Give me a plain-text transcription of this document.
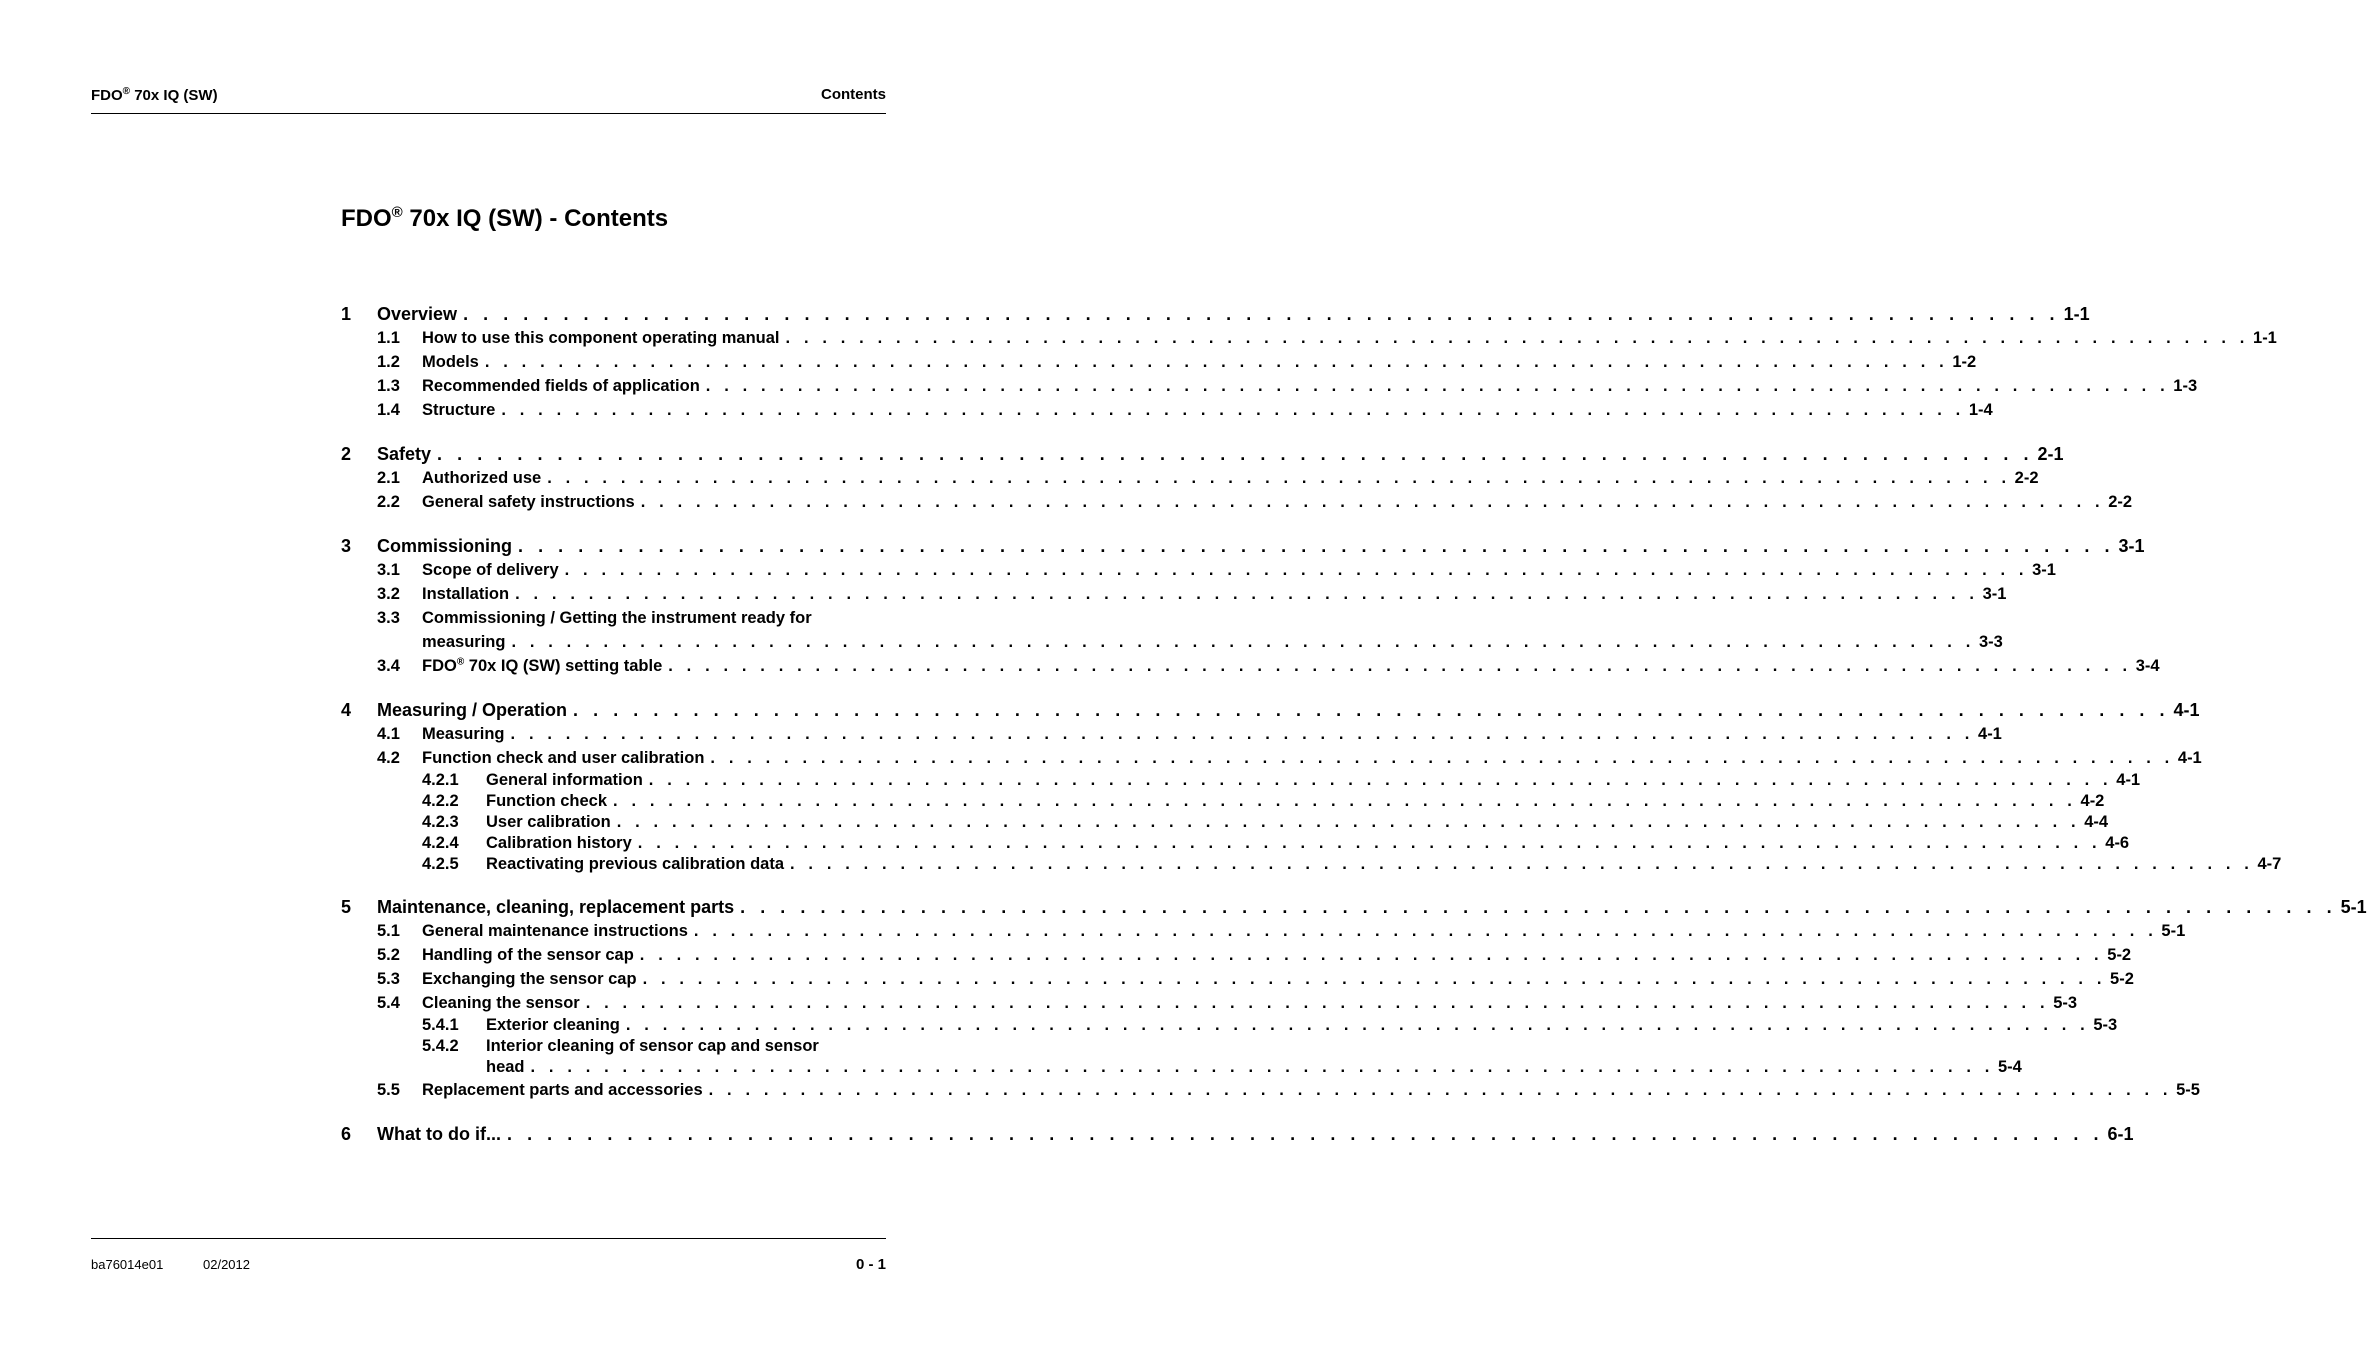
FDO® 70x IQ (SW)	Contents
FDO® 70x IQ (SW) - Contents
1 Overview . . . . . . . . . . . . . . . . . . . . . . . . . . . . . . . . . . . . . . . . . . . . . . . . . . . . . . . . . . . . . . . . . . . . . . . . . . . . . . . . 1-1
1.1 How to use this component operating manual . . . . . . . . . . . . . . . . . . . . . . . . . . . . . . . . . . . . . . . . . . . . . . . . . . . . . . . . . . . . . . . . . . . . . . . . . . . . . . . . 1-1
1.2 Models . . . . . . . . . . . . . . . . . . . . . . . . . . . . . . . . . . . . . . . . . . . . . . . . . . . . . . . . . . . . . . . . . . . . . . . . . . . . . . . . 1-2
1.3 Recommended fields of application . . . . . . . . . . . . . . . . . . . . . . . . . . . . . . . . . . . . . . . . . . . . . . . . . . . . . . . . . . . . . . . . . . . . . . . . . . . . . . . . 1-3
1.4 Structure . . . . . . . . . . . . . . . . . . . . . . . . . . . . . . . . . . . . . . . . . . . . . . . . . . . . . . . . . . . . . . . . . . . . . . . . . . . . . . . . 1-4
2 Safety . . . . . . . . . . . . . . . . . . . . . . . . . . . . . . . . . . . . . . . . . . . . . . . . . . . . . . . . . . . . . . . . . . . . . . . . . . . . . . . . 2-1
2.1 Authorized use . . . . . . . . . . . . . . . . . . . . . . . . . . . . . . . . . . . . . . . . . . . . . . . . . . . . . . . . . . . . . . . . . . . . . . . . . . . . . . . . 2-2
2.2 General safety instructions . . . . . . . . . . . . . . . . . . . . . . . . . . . . . . . . . . . . . . . . . . . . . . . . . . . . . . . . . . . . . . . . . . . . . . . . . . . . . . . . 2-2
3 Commissioning . . . . . . . . . . . . . . . . . . . . . . . . . . . . . . . . . . . . . . . . . . . . . . . . . . . . . . . . . . . . . . . . . . . . . . . . . . . . . . . . 3-1
3.1 Scope of delivery . . . . . . . . . . . . . . . . . . . . . . . . . . . . . . . . . . . . . . . . . . . . . . . . . . . . . . . . . . . . . . . . . . . . . . . . . . . . . . . . 3-1
3.2 Installation . . . . . . . . . . . . . . . . . . . . . . . . . . . . . . . . . . . . . . . . . . . . . . . . . . . . . . . . . . . . . . . . . . . . . . . . . . . . . . . . 3-1
3.3	Commissioning / Getting the instrument ready for
measuring . . . . . . . . . . . . . . . . . . . . . . . . . . . . . . . . . . . . . . . . . . . . . . . . . . . . . . . . . . . . . . . . . . . . . . . . . . . . . . . . 3-3
3.4 FDO® 70x IQ (SW) setting table . . . . . . . . . . . . . . . . . . . . . . . . . . . . . . . . . . . . . . . . . . . . . . . . . . . . . . . . . . . . . . . . . . . . . . . . . . . . . . . . 3-4
4 Measuring / Operation . . . . . . . . . . . . . . . . . . . . . . . . . . . . . . . . . . . . . . . . . . . . . . . . . . . . . . . . . . . . . . . . . . . . . . . . . . . . . . . . 4-1
4.1 Measuring . . . . . . . . . . . . . . . . . . . . . . . . . . . . . . . . . . . . . . . . . . . . . . . . . . . . . . . . . . . . . . . . . . . . . . . . . . . . . . . . 4-1
4.2 Function check and user calibration . . . . . . . . . . . . . . . . . . . . . . . . . . . . . . . . . . . . . . . . . . . . . . . . . . . . . . . . . . . . . . . . . . . . . . . . . . . . . . . . 4-1
4.2.1 General information . . . . . . . . . . . . . . . . . . . . . . . . . . . . . . . . . . . . . . . . . . . . . . . . . . . . . . . . . . . . . . . . . . . . . . . . . . . . . . . . 4-1
4.2.2 Function check . . . . . . . . . . . . . . . . . . . . . . . . . . . . . . . . . . . . . . . . . . . . . . . . . . . . . . . . . . . . . . . . . . . . . . . . . . . . . . . . 4-2
4.2.3 User calibration . . . . . . . . . . . . . . . . . . . . . . . . . . . . . . . . . . . . . . . . . . . . . . . . . . . . . . . . . . . . . . . . . . . . . . . . . . . . . . . . 4-4
4.2.4 Calibration history . . . . . . . . . . . . . . . . . . . . . . . . . . . . . . . . . . . . . . . . . . . . . . . . . . . . . . . . . . . . . . . . . . . . . . . . . . . . . . . . 4-6
4.2.5 Reactivating previous calibration data . . . . . . . . . . . . . . . . . . . . . . . . . . . . . . . . . . . . . . . . . . . . . . . . . . . . . . . . . . . . . . . . . . . . . . . . . . . . . . . . 4-7
5 Maintenance, cleaning, replacement parts . . . . . . . . . . . . . . . . . . . . . . . . . . . . . . . . . . . . . . . . . . . . . . . . . . . . . . . . . . . . . . . . . . . . . . . . . . . . . . . . 5-1
5.1 General maintenance instructions . . . . . . . . . . . . . . . . . . . . . . . . . . . . . . . . . . . . . . . . . . . . . . . . . . . . . . . . . . . . . . . . . . . . . . . . . . . . . . . . 5-1
5.2 Handling of the sensor cap . . . . . . . . . . . . . . . . . . . . . . . . . . . . . . . . . . . . . . . . . . . . . . . . . . . . . . . . . . . . . . . . . . . . . . . . . . . . . . . . 5-2
5.3 Exchanging the sensor cap . . . . . . . . . . . . . . . . . . . . . . . . . . . . . . . . . . . . . . . . . . . . . . . . . . . . . . . . . . . . . . . . . . . . . . . . . . . . . . . . 5-2
5.4 Cleaning the sensor . . . . . . . . . . . . . . . . . . . . . . . . . . . . . . . . . . . . . . . . . . . . . . . . . . . . . . . . . . . . . . . . . . . . . . . . . . . . . . . . 5-3
5.4.1 Exterior cleaning . . . . . . . . . . . . . . . . . . . . . . . . . . . . . . . . . . . . . . . . . . . . . . . . . . . . . . . . . . . . . . . . . . . . . . . . . . . . . . . . 5-3
5.4.2	Interior cleaning of sensor cap and sensor
head . . . . . . . . . . . . . . . . . . . . . . . . . . . . . . . . . . . . . . . . . . . . . . . . . . . . . . . . . . . . . . . . . . . . . . . . . . . . . . . . 5-4
5.5 Replacement parts and accessories . . . . . . . . . . . . . . . . . . . . . . . . . . . . . . . . . . . . . . . . . . . . . . . . . . . . . . . . . . . . . . . . . . . . . . . . . . . . . . . . 5-5
6 What to do if... . . . . . . . . . . . . . . . . . . . . . . . . . . . . . . . . . . . . . . . . . . . . . . . . . . . . . . . . . . . . . . . . . . . . . . . . . . . . . . . . 6-1
ba76014e01	02/2012	0 - 1
